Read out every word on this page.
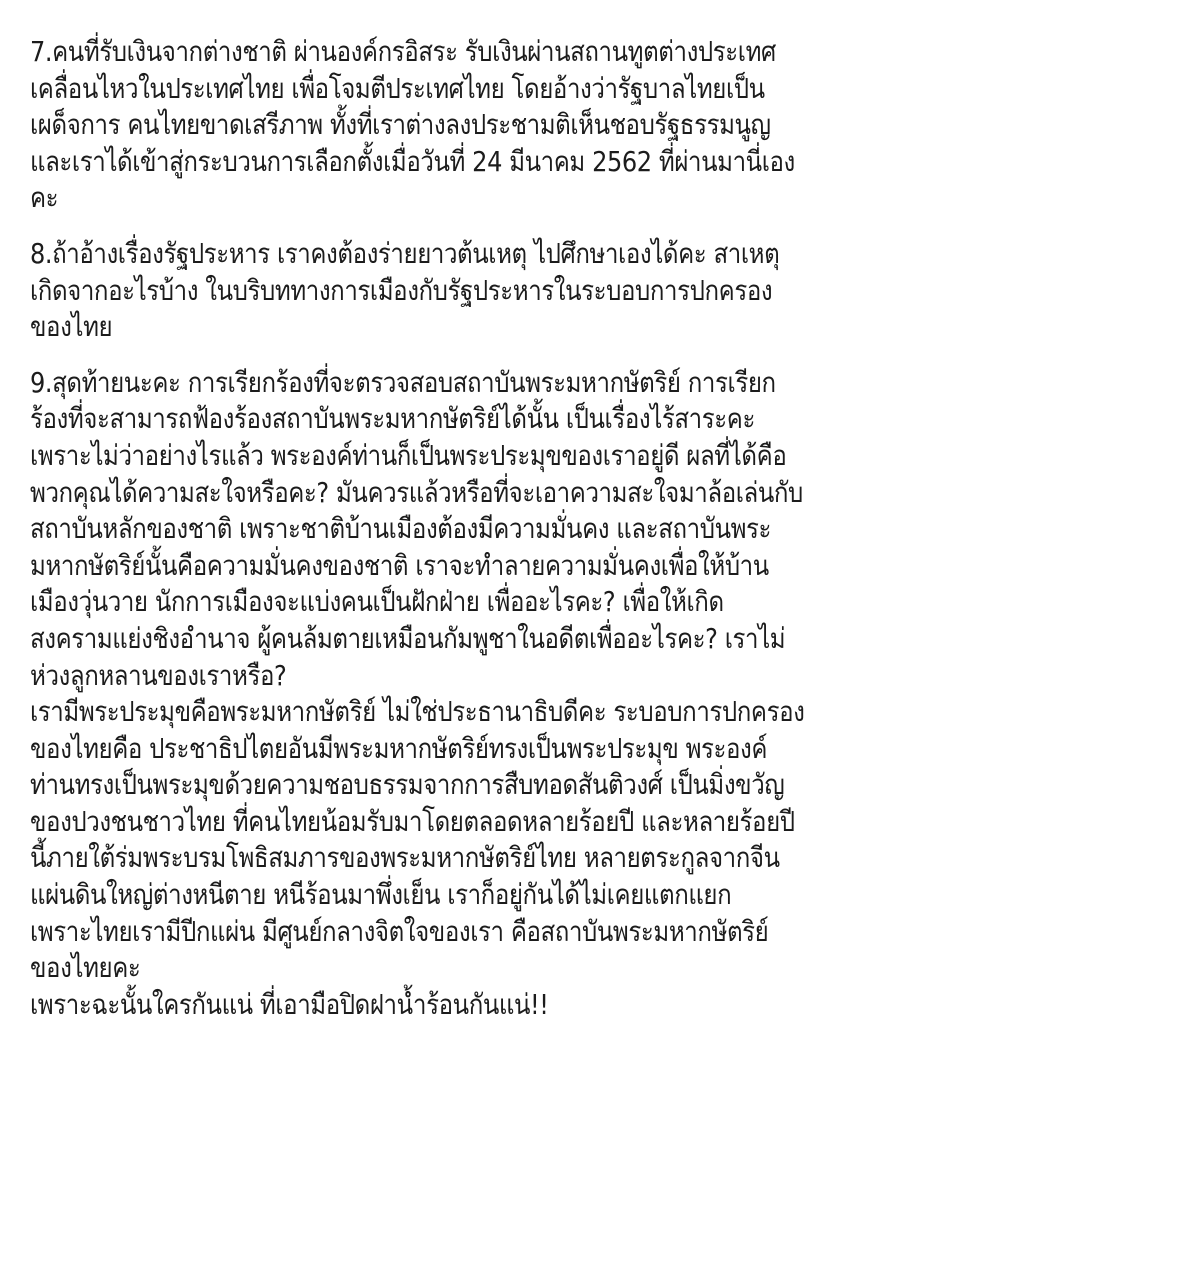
7.คนที่รับเงินจากต่างชาติ ผ่านองค์กรอิสระ รับเงินผ่านสถานทูตต่างประเทศ
เคลื่อนไหวในประเทศไทย เพื่อโจมตีประเทศไทย โดยอ้างว่ารัฐบาลไทยเป็น
เผด็จการ คนไทยขาดเสรีภาพ ทั้งที่เราต่างลงประชามติเห็นชอบรัฐธรรมนูญ
และเราได้เข้าสู่กระบวนการเลือกตั้งเมื่อวันที่ 24 มีนาคม 2562 ที่ผ่านมานี่เอง
คะ
8.ถ้าอ้างเรื่องรัฐประหาร เราคงต้องร่ายยาวต้นเหตุ ไปศึกษาเองได้คะ สาเหตุ
เกิดจากอะไรบ้าง ในบริบททางการเมืองกับรัฐประหารในระบอบการปกครอง
ของไทย
9.สุดท้ายนะคะ การเรียกร้องที่จะตรวจสอบสถาบันพระมหากษัตริย์ การเรียก
ร้องที่จะสามารถฟ้องร้องสถาบันพระมหากษัตริย์ได้นั้น เป็นเรื่องไร้สาระคะ
เพราะไม่ว่าอย่างไรแล้ว พระองค์ท่านก็เป็นพระประมุขของเราอยู่ดี ผลที่ได้คือ
พวกคุณได้ความสะใจหรือคะ? มันควรแล้วหรือที่จะเอาความสะใจมาล้อเล่นกับ
สถาบันหลักของชาติ เพราะชาติบ้านเมืองต้องมีความมั่นคง และสถาบันพระ
มหากษัตริย์นั้นคือความมั่นคงของชาติ เราจะทำลายความมั่นคงเพื่อให้บ้าน
เมืองวุ่นวาย นักการเมืองจะแบ่งคนเป็นฝักฝ่าย เพื่ออะไรคะ? เพื่อให้เกิด
สงครามแย่งชิงอำนาจ ผู้คนล้มตายเหมือนกัมพูชาในอดีตเพื่ออะไรคะ? เราไม่
ห่วงลูกหลานของเราหรือ?
เรามีพระประมุขคือพระมหากษัตริย์ ไม่ใช่ประธานาธิบดีคะ ระบอบการปกครอง
ของไทยคือ ประชาธิปไตยอันมีพระมหากษัตริย์ทรงเป็นพระประมุข พระองค์
ท่านทรงเป็นพระมุขด้วยความชอบธรรมจากการสืบทอดสันติวงศ์ เป็นมิ่งขวัญ
ของปวงชนชาวไทย ที่คนไทยน้อมรับมาโดยตลอดหลายร้อยปี และหลายร้อยปี
นี้ภายใต้ร่มพระบรมโพธิสมภารของพระมหากษัตริย์ไทย หลายตระกูลจากจีน
แผ่นดินใหญ่ต่างหนีตาย หนีร้อนมาพึ่งเย็น เราก็อยู่กันได้ไม่เคยแตกแยก
เพราะไทยเรามีปีกแผ่น มีศูนย์กลางจิตใจของเรา คือสถาบันพระมหากษัตริย์
ของไทยคะ
เพราะฉะนั้นใครกันแน่ ที่เอามือปิดฝาน้ำร้อนกันแน่!!
